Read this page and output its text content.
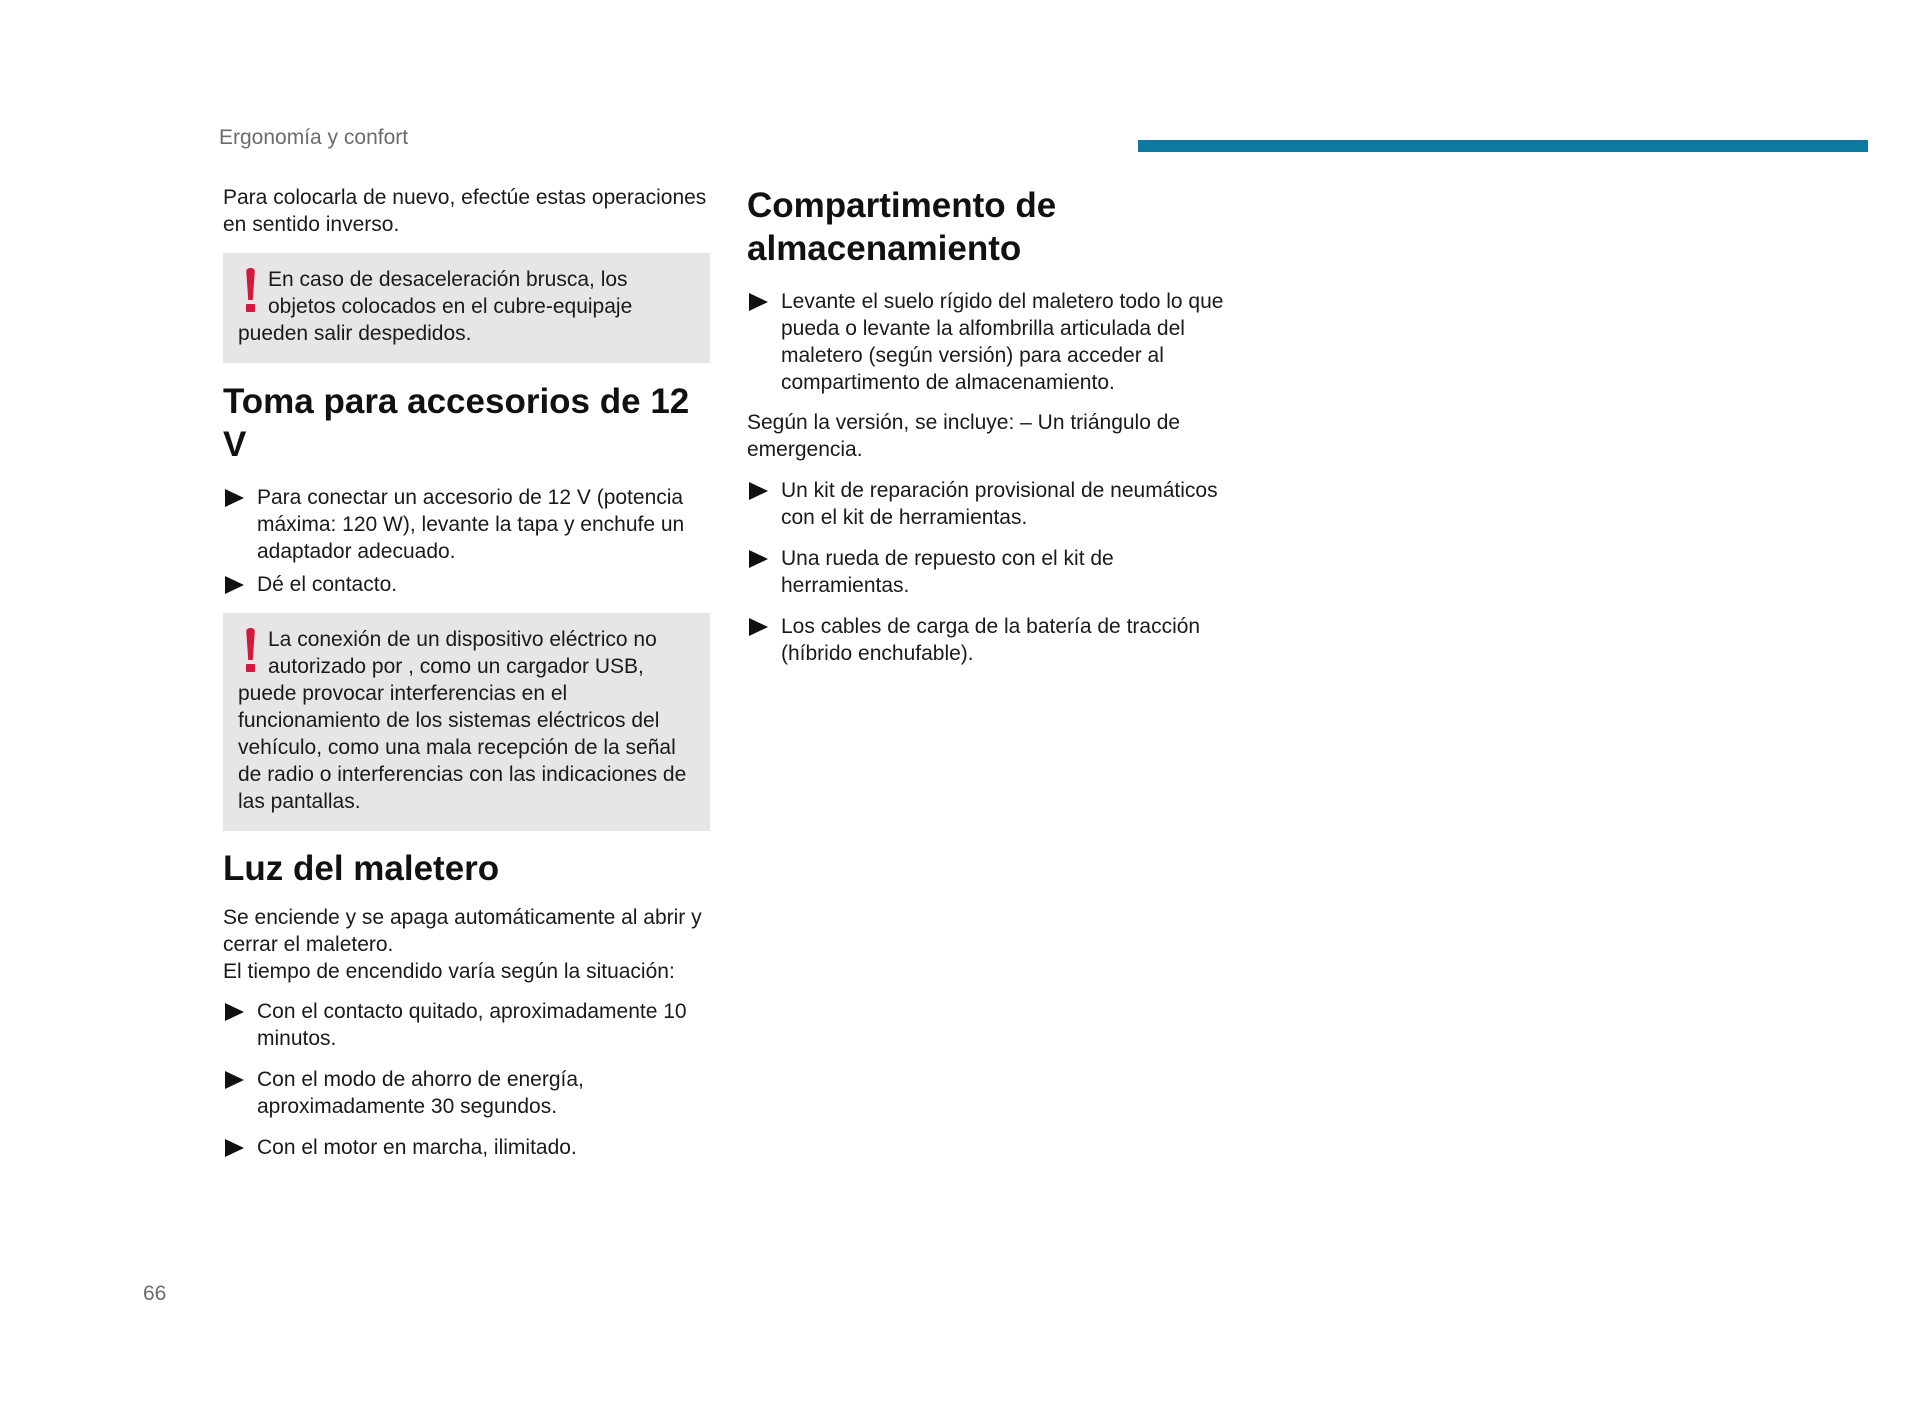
Ergonomía y confort

Para colocarla de nuevo, efectúe estas operaciones en sentido inverso.

En caso de desaceleración brusca, los objetos colocados en el cubre-equipaje pueden salir despedidos.

Toma para accesorios de 12 V
Para conectar un accesorio de 12 V (potencia máxima: 120 W), levante la tapa y enchufe un adaptador adecuado.
Dé el contacto.

La conexión de un dispositivo eléctrico no autorizado por , como un cargador USB, puede provocar interferencias en el funcionamiento de los sistemas eléctricos del vehículo, como una mala recepción de la señal de radio o interferencias con las indicaciones de las pantallas.

Luz del maletero

Se enciende y se apaga automáticamente al abrir y cerrar el maletero.

El tiempo de encendido varía según la situación:

Con el contacto quitado, aproximadamente 10 minutos.
Con el modo de ahorro de energía, aproximadamente 30 segundos.
Con el motor en marcha, ilimitado.
Compartimento de almacenamiento
Levante el suelo rígido del maletero todo lo que pueda o levante la alfombrilla articulada del maletero (según versión) para acceder al compartimento de almacenamiento.

Según la versión, se incluye: – Un triángulo de emergencia.

Un kit de reparación provisional de neumáticos con el kit de herramientas.
Una rueda de repuesto con el kit de herramientas.
Los cables de carga de la batería de tracción (híbrido enchufable).
66
